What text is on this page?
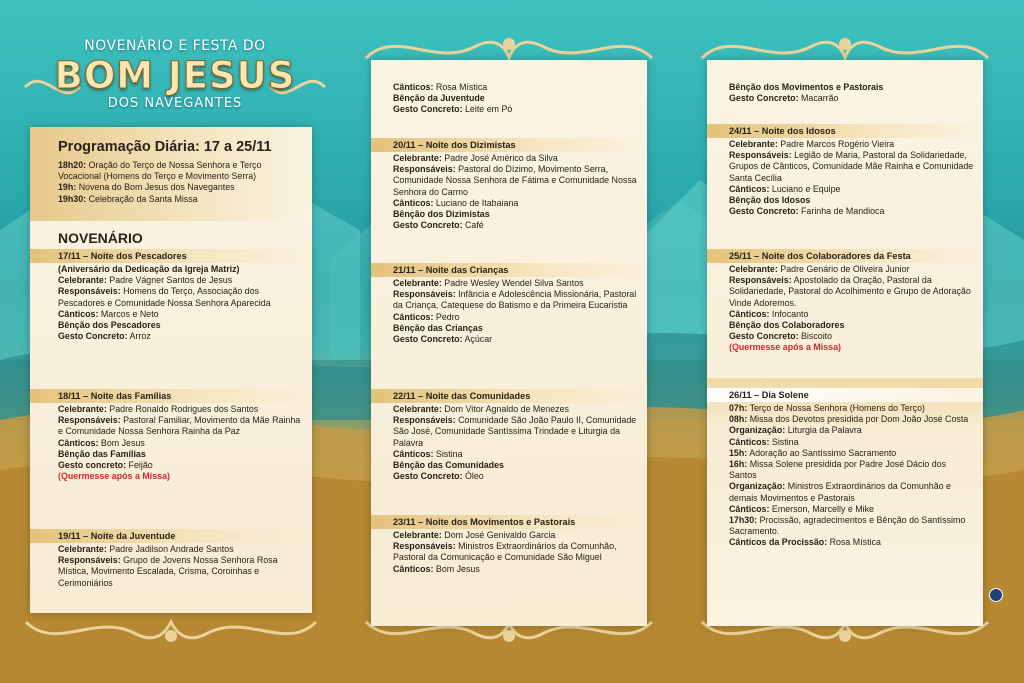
NOVENÁRIO E FESTA DO
BOM JESUS
DOS NAVEGANTES
Programação Diária: 17 a 25/11

18h20: Oração do Terço de Nossa Senhora e Terço Vocacional (Homens do Terço e Movimento Serra)

19h: Novena do Bom Jesus dos Navegantes

19h30: Celebração da Santa Missa

NOVENÁRIO
17/11 – Noite dos Pescadores

(Aniversário da Dedicação da Igreja Matriz)

Celebrante: Padre Vágner Santos de Jesus

Responsáveis: Homens do Terço, Associação dos Pescadores e Comunidade Nossa Senhora Aparecida

Cânticos: Marcos e Neto

Bênção dos Pescadores

Gesto Concreto: Arroz

18/11 – Noite das Famílias

Celebrante: Padre Ronaldo Rodrigues dos Santos

Responsáveis: Pastoral Familiar, Movimento da Mãe Rainha e Comunidade Nossa Senhora Rainha da Paz

Cânticos: Bom Jesus

Bênção das Famílias

Gesto concreto: Feijão

(Quermesse após a Missa)

19/11 – Noite da Juventude

Celebrante: Padre Jadilson Andrade Santos

Responsáveis: Grupo de Jovens Nossa Senhora Rosa Mística, Movimento Escalada, Crisma, Coroinhas e Cerimoniários

Cânticos: Rosa Mística

Bênção da Juventude

Gesto Concreto: Leite em Pó

20/11 – Noite dos Dizimistas

Celebrante: Padre José Américo da Silva

Responsáveis: Pastoral do Dízimo, Movimento Serra, Comunidade Nossa Senhora de Fátima e Comunidade Nossa Senhora do Carmo

Cânticos: Luciano de Itabaiana

Bênção dos Dizimistas

Gesto Concreto: Café

21/11 – Noite das Crianças

Celebrante: Padre Wesley Wendel Silva Santos

Responsáveis: Infância e Adolescência Missionária, Pastoral da Criança, Catequese do Batismo e da Primeira Eucaristia

Cânticos: Pedro

Bênção das Crianças

Gesto Concreto: Açúcar

22/11 – Noite das Comunidades

Celebrante: Dom Vitor Agnaldo de Menezes

Responsáveis: Comunidade São João Paulo II, Comunidade São José, Comunidade Santíssima Trindade e Liturgia da Palavra

Cânticos: Sistina

Bênção das Comunidades

Gesto Concreto: Óleo

23/11 – Noite dos Movimentos e Pastorais

Celebrante: Dom José Genivaldo Garcia

Responsáveis: Ministros Extraordinários da Comunhão, Pastoral da Comunicação e Comunidade São Miguel

Cânticos: Bom Jesus

Bênção dos Movimentos e Pastorais

Gesto Concreto: Macarrão

24/11 – Noite dos Idosos

Celebrante: Padre Marcos Rogério Vieira

Responsáveis: Legião de Maria, Pastoral da Solidariedade, Grupos de Cânticos, Comunidade Mãe Rainha e Comunidade Santa Cecília

Cânticos: Luciano e Equipe

Bênção dos Idosos

Gesto Concreto: Farinha de Mandioca

25/11 – Noite dos Colaboradores da Festa

Celebrante: Padre Genário de Oliveira Junior

Responsáveis: Apostolado da Oração, Pastoral da Solidariedade, Pastoral do Acolhimento e Grupo de Adoração Vinde Adoremos.

Cânticos: Infocanto

Bênção dos Colaboradores

Gesto Concreto: Biscoito

(Quermesse após a Missa)

26/11 – Dia Solene

07h: Terço de Nossa Senhora (Homens do Terço)

08h: Missa dos Devotos presidida por Dom João José Costa

Organização: Liturgia da Palavra

Cânticos: Sistina

15h: Adoração ao Santíssimo Sacramento

16h: Missa Solene presidida por Padre José Dácio dos Santos

Organização: Ministros Extraordinários da Comunhão e demais Movimentos e Pastorais

Cânticos: Emerson, Marcelly e Mike

17h30: Procissão, agradecimentos e Bênção do Santíssimo Sacramento.

Cânticos da Procissão: Rosa Mística
